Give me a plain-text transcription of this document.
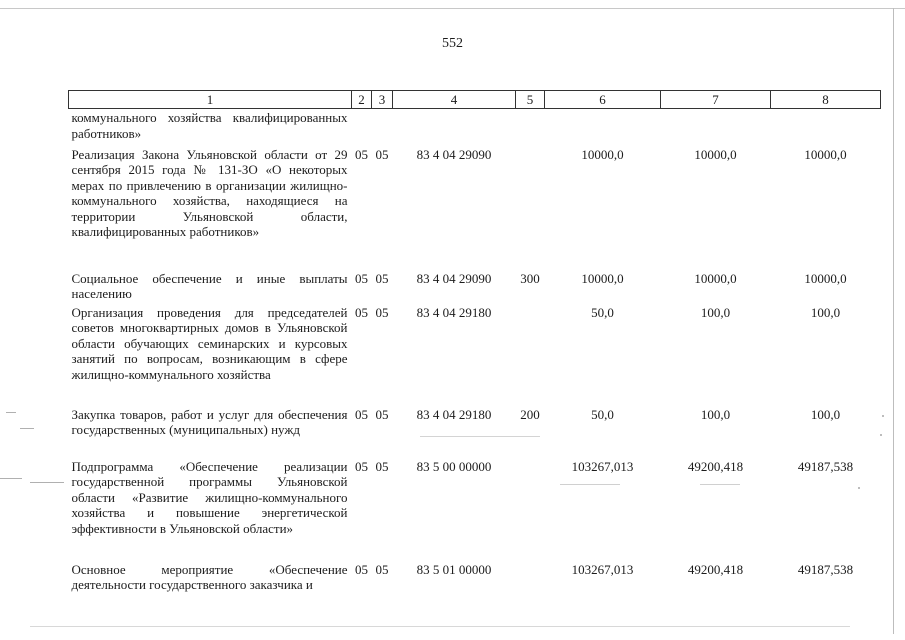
552
1	2	3	4	5	6	7	8
коммунального хозяйства квалифицированных работников»							
Реализация Закона Ульяновской области от 29 сентября 2015 года № 131-ЗО «О некоторых мерах по привлечению в организации жилищно-коммунального хозяйства, находящиеся на территории Ульяновской области, квалифицированных работников»	05	05	83 4 04 29090		10000,0	10000,0	10000,0
Социальное обеспечение и иные выплаты населению	05	05	83 4 04 29090	300	10000,0	10000,0	10000,0
Организация проведения для председателей советов многоквартирных домов в Ульяновской области обучающих семинарских и курсовых занятий по вопросам, возникающим в сфере жилищно-коммунального хозяйства	05	05	83 4 04 29180		50,0	100,0	100,0
Закупка товаров, работ и услуг для обеспечения государственных (муниципальных) нужд	05	05	83 4 04 29180	200	50,0	100,0	100,0
Подпрограмма «Обеспечение реализации государственной программы Ульяновской области «Развитие жилищно-коммунального хозяйства и повышение энергетической эффективности в Ульяновской области»	05	05	83 5 00 00000		103267,013	49200,418	49187,538
Основное мероприятие «Обеспечение деятельности государственного заказчика и	05	05	83 5 01 00000		103267,013	49200,418	49187,538
